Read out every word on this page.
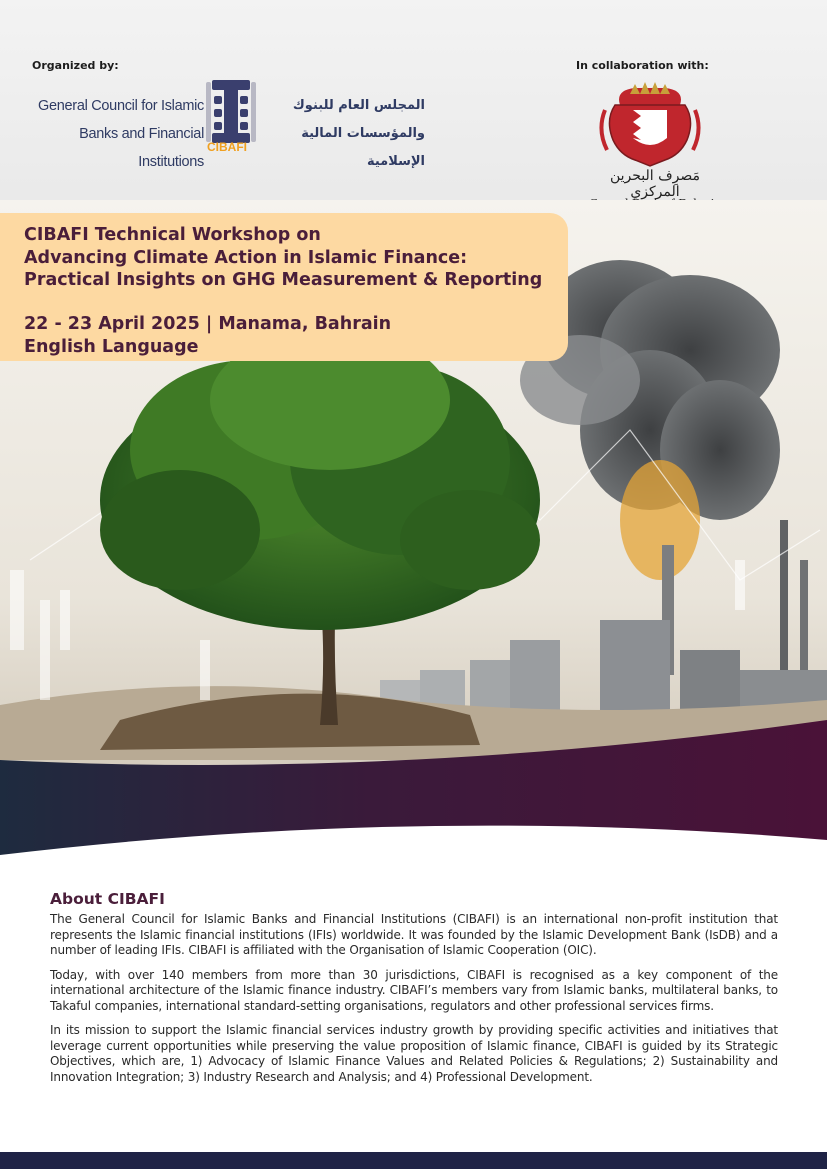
Organized by:	In collaboration with:
CIBAFI
General Council for Islamic
Banks and Financial Institutions
المجلس العام للبنوك
والمؤسسات المالية الإسلامية
مَصرِف البحرين المركزي
CIBAFI Technical Workshop on
Advancing Climate Action in Islamic Finance:
Practical Insights on GHG Measurement & Reporting
22 - 23 April 2025 | Manama, Bahrain
English Language
About CIBAFI

The General Council for Islamic Banks and Financial Institutions (CIBAFI) is an international non-profit institution that represents the Islamic financial institutions (IFIs) worldwide. It was founded by the Islamic Development Bank (IsDB) and a number of leading IFIs. CIBAFI is affiliated with the Organisation of Islamic Cooperation (OIC).

Today, with over 140 members from more than 30 jurisdictions, CIBAFI is recognised as a key component of the international architecture of the Islamic finance industry. CIBAFI’s members vary from Islamic banks, multilateral banks, to Takaful companies, international standard-setting organisations, regulators and other professional services firms.

In its mission to support the Islamic financial services industry growth by providing specific activities and initiatives that leverage current opportunities while preserving the value proposition of Islamic finance, CIBAFI is guided by its Strategic Objectives, which are, 1) Advocacy of Islamic Finance Values and Related Policies & Regulations; 2) Sustainability and Innovation Integration; 3) Industry Research and Analysis; and 4) Professional Development.
